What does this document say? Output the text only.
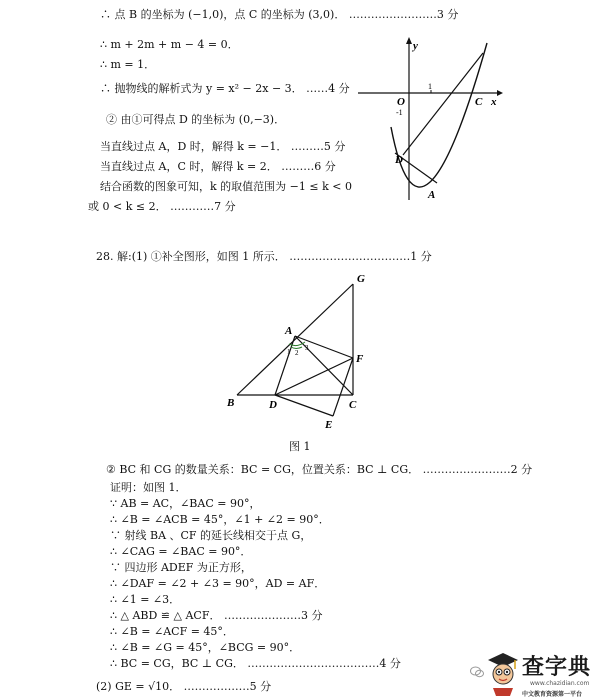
∴ 点 B 的坐标为 (−1,0)，点 C 的坐标为 (3,0)． ……………………3 分
∴ m + 2m + m − 4 = 0．
∴ m = 1．
∴ 抛物线的解析式为 y = x² − 2x − 3． ……4 分
② 由①可得点 D 的坐标为 (0,−3)．
当直线过点 A，D 时，解得 k = −1． ………5 分
当直线过点 A，C 时，解得 k = 2． ………6 分
结合函数的图象可知，k 的取值范围为 −1 ≤ k < 0
或 0 < k ≤ 2． …………7 分
y
x
O
1
-1
C
D
A
28. 解:(1) ①补全图形，如图 1 所示． ……………………………1 分
G
A
F
B	D	C
E
1 2
3
图 1
② BC 和 CG 的数量关系：BC = CG，位置关系：BC ⊥ CG． ……………………2 分
证明：如图 1．
∵ AB = AC，∠BAC = 90°，
∴ ∠B = ∠ACB = 45°，∠1 + ∠2 = 90°．
∵ 射线 BA 、CF 的延长线相交于点 G，
∴ ∠CAG = ∠BAC = 90°．
∵ 四边形 ADEF 为正方形，
∴ ∠DAF = ∠2 + ∠3 = 90°，AD = AF．
∴ ∠1 = ∠3．
∴ △ ABD ≌ △ ACF． …………………3 分
∴ ∠B = ∠ACF = 45°．
∴ ∠B = ∠G = 45°，∠BCG = 90°．
∴ BC = CG，BC ⊥ CG． ………………………………4 分
(2) GE = √10． ………………5 分
查字典
www.chazidian.com
中文教育资源第一平台
